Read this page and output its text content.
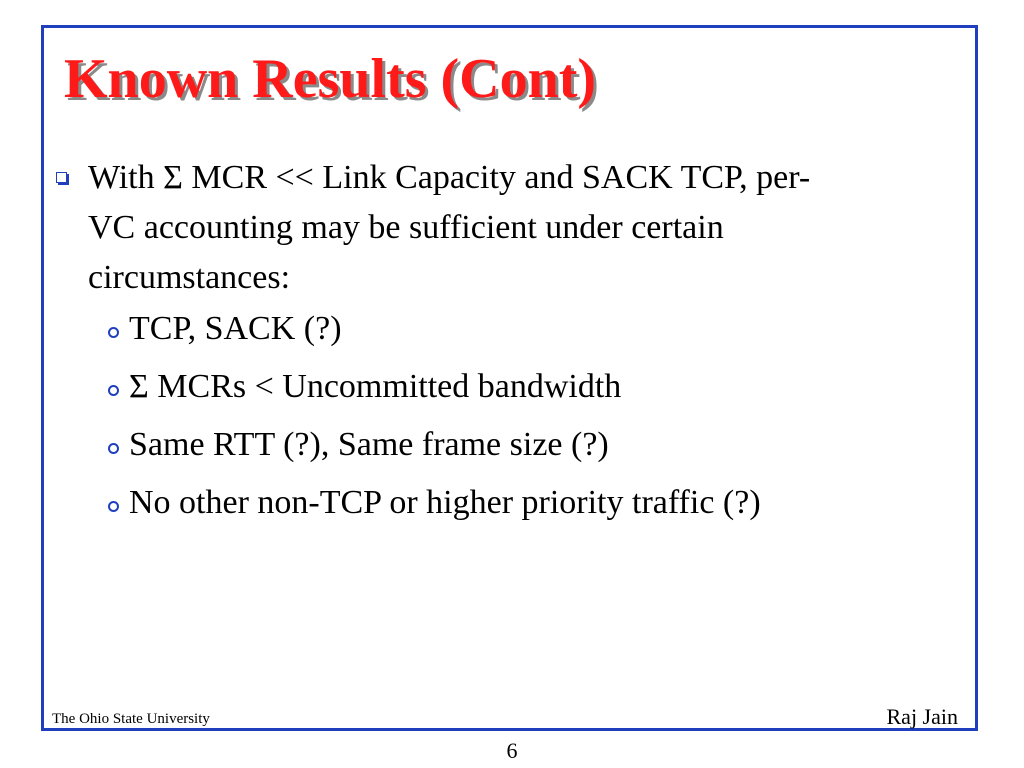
Known Results (Cont)
With Σ MCR << Link Capacity and SACK TCP, per-VC accounting may be sufficient under certain circumstances:
TCP, SACK (?)
Σ MCRs < Uncommitted bandwidth
Same RTT (?), Same frame size (?)
No other non-TCP or higher priority traffic (?)
The Ohio State University	Raj Jain
6
